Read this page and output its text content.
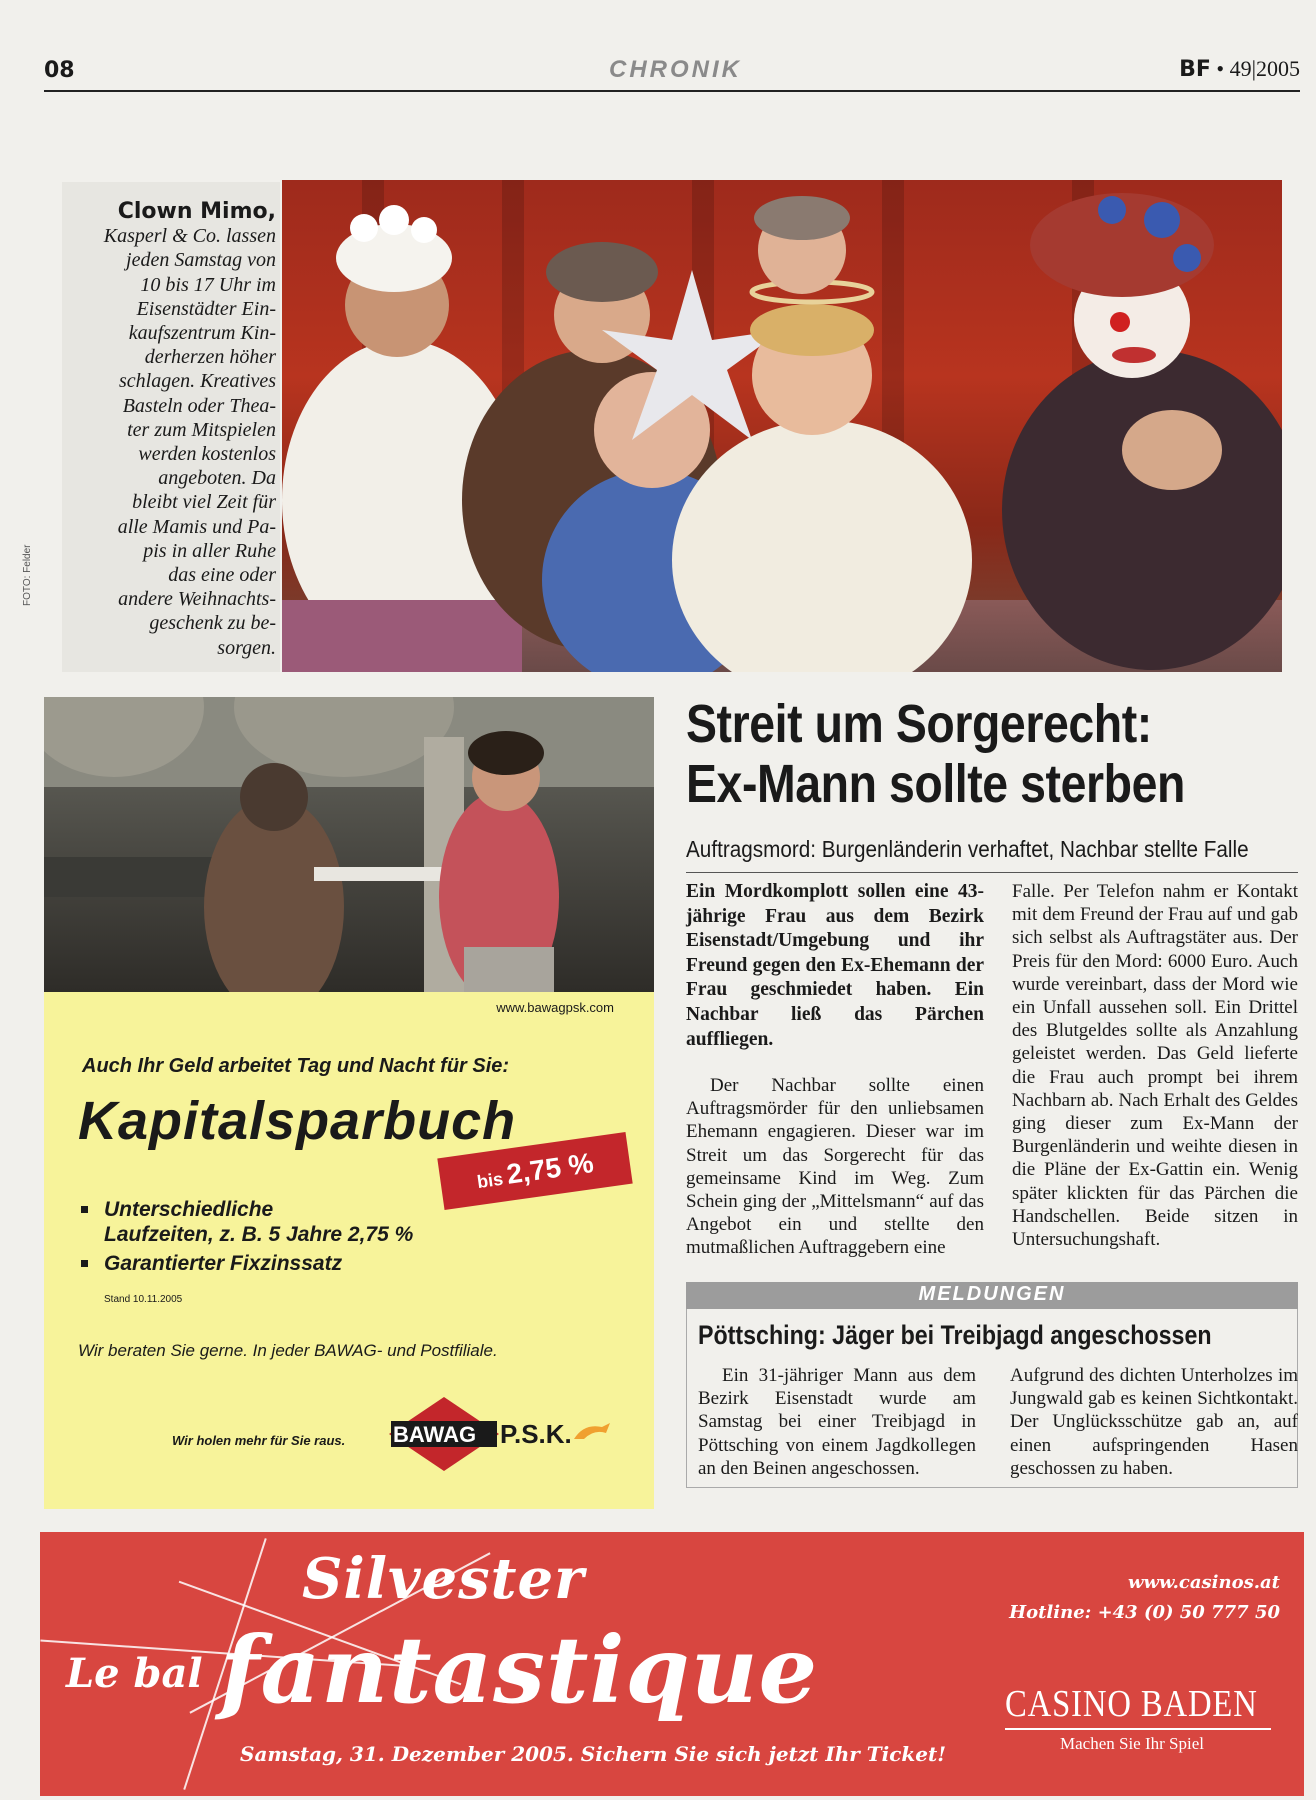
08	CHRONIK	BF • 49|2005
Clown Mimo,
Kasperl & Co. lassen
jeden Samstag von
10 bis 17 Uhr im
Eisenstädter Ein-
kaufszentrum Kin-
derherzen höher
schlagen. Kreatives
Basteln oder Thea-
ter zum Mitspielen
werden kostenlos
angeboten. Da
bleibt viel Zeit für
alle Mamis und Pa-
pis in aller Ruhe
das eine oder
andere Weihnachts-
geschenk zu be-
sorgen.
FOTO: Felder
www.bawagpsk.com
Auch Ihr Geld arbeitet Tag und Nacht für Sie:
Kapitalsparbuch
bis 2,75 %
Unterschiedliche
Laufzeiten, z. B. 5 Jahre 2,75 %
Garantierter Fixzinssatz
Stand 10.11.2005
Wir beraten Sie gerne. In jeder BAWAG- und Postfiliale.
Wir holen mehr für Sie raus. BAWAG P.S.K.
Streit um Sorgerecht:
Ex-Mann sollte sterben
Auftragsmord: Burgenländerin verhaftet, Nachbar stellte Falle
Ein Mordkomplott sollen eine 43-jährige Frau aus dem Bezirk Eisenstadt/Umgebung und ihr Freund gegen den Ex-Ehemann der Frau geschmiedet haben. Ein Nachbar ließ das Pärchen auffliegen.

Der Nachbar sollte einen Auftragsmörder für den unliebsamen Ehemann engagieren. Dieser war im Streit um das Sorgerecht für das gemeinsame Kind im Weg. Zum Schein ging der „Mittelsmann“ auf das Angebot ein und stellte den mutmaßlichen Auftraggebern eine

Falle. Per Telefon nahm er Kontakt mit dem Freund der Frau auf und gab sich selbst als Auftragstäter aus. Der Preis für den Mord: 6000 Euro. Auch wurde vereinbart, dass der Mord wie ein Unfall aussehen soll. Ein Drittel des Blutgeldes sollte als Anzahlung geleistet werden. Das Geld lieferte die Frau auch prompt bei ihrem Nachbarn ab. Nach Erhalt des Geldes ging dieser zum Ex-Mann der Burgenländerin und weihte diesen in die Pläne der Ex-Gattin ein. Wenig später klickten für das Pärchen die Handschellen. Beide sitzen in Untersuchungshaft.
MELDUNGEN
Pöttsching: Jäger bei Treibjagd angeschossen

Ein 31-jähriger Mann aus dem Bezirk Eisenstadt wurde am Samstag bei einer Treibjagd in Pöttsching von einem Jagdkollegen an den Beinen angeschossen.

Aufgrund des dichten Unterholzes im Jungwald gab es keinen Sichtkontakt. Der Unglücksschütze gab an, auf einen aufspringenden Hasen geschossen zu haben.
Silvester
fantastique
Le bal
Samstag, 31. Dezember 2005. Sichern Sie sich jetzt Ihr Ticket!
www.casinos.at
Hotline: +43 (0) 50 777 50
CASINO BADEN
Machen Sie Ihr Spiel
